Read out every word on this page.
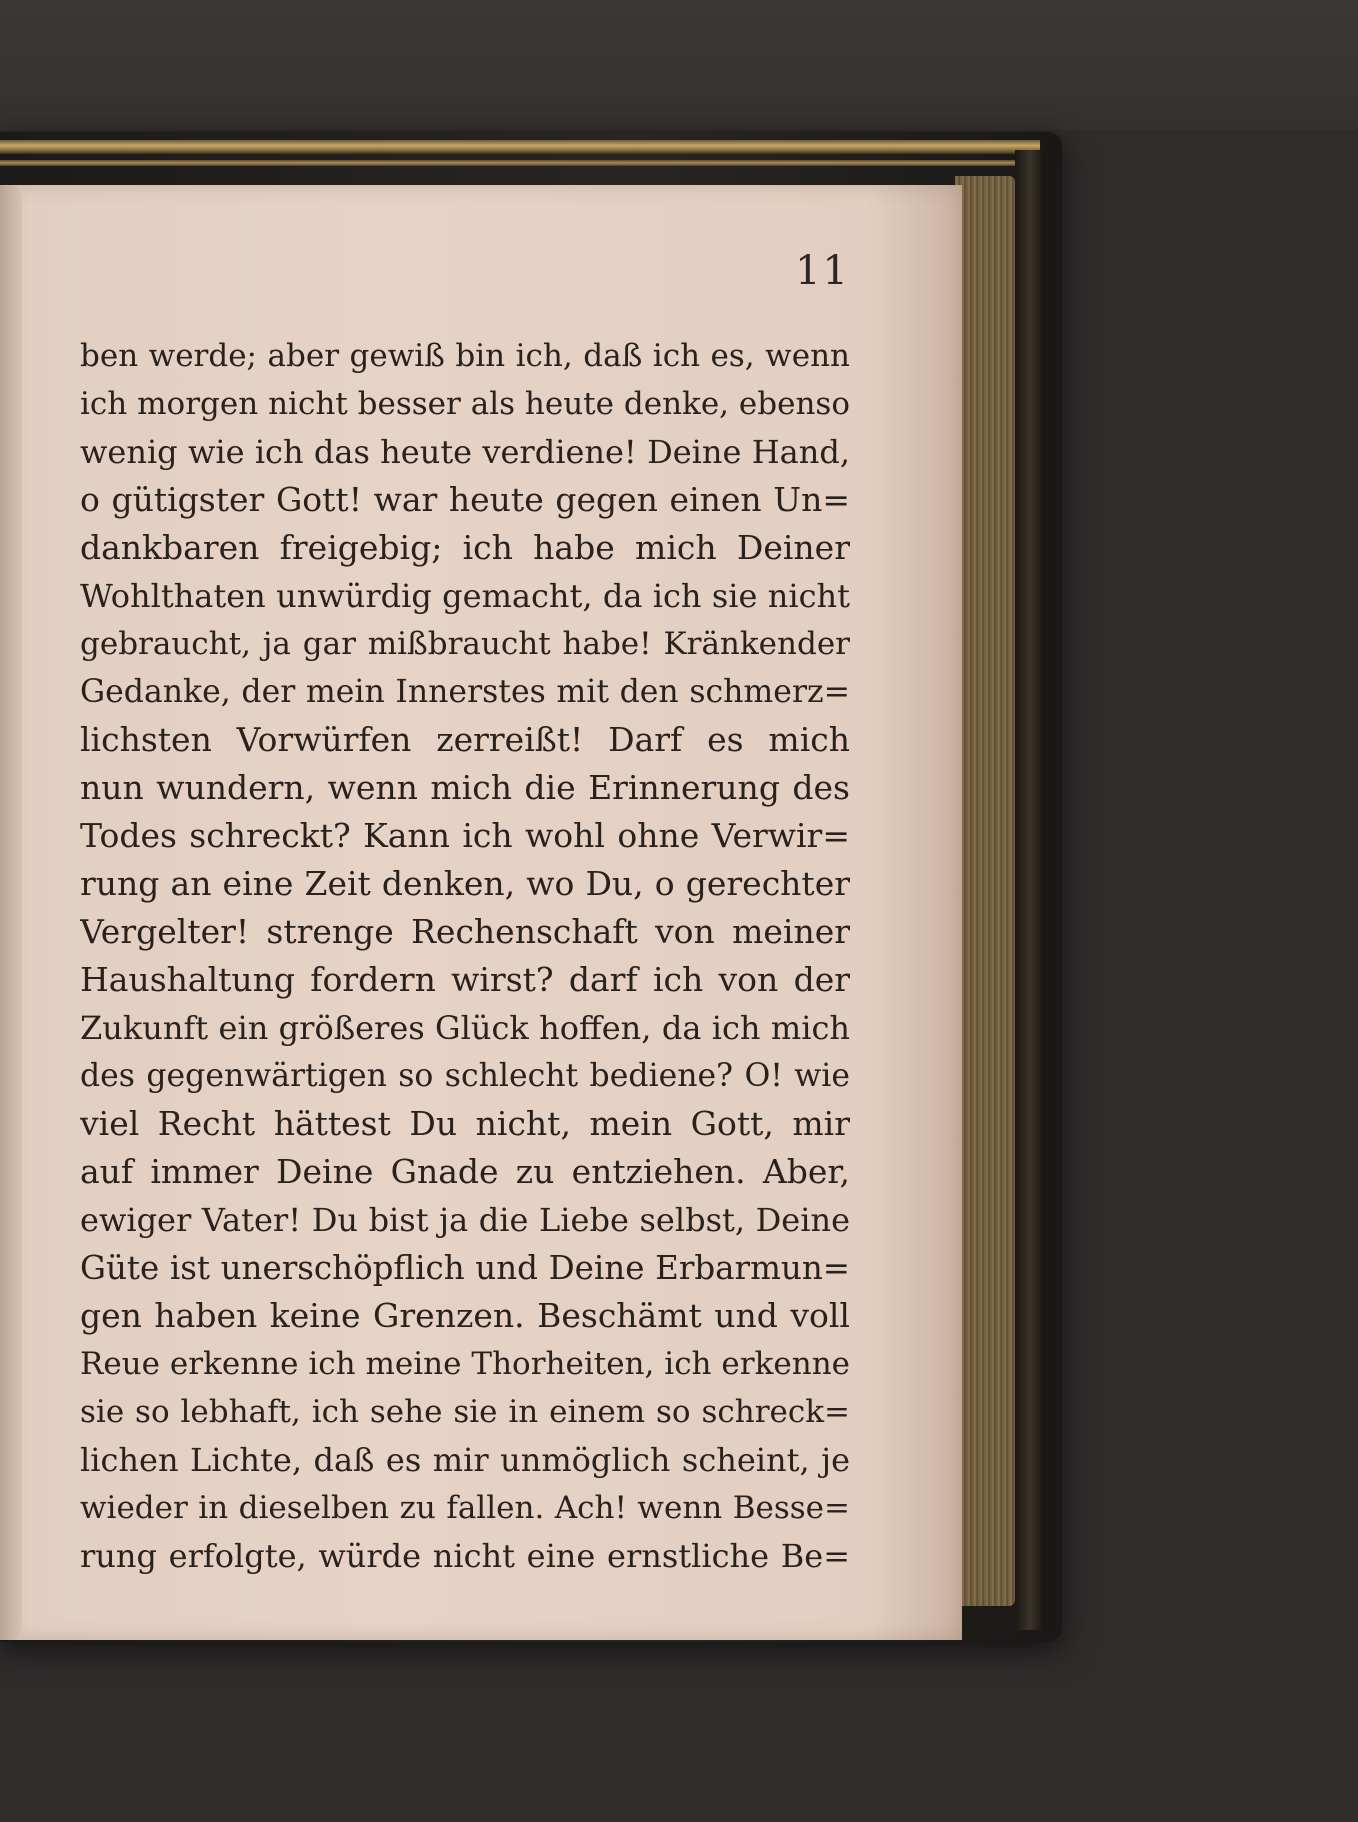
11
ben werde; aber gewiß bin ich, daß ich es, wenn
ich morgen nicht besser als heute denke, ebenso
wenig wie ich das heute verdiene! Deine Hand,
o gütigster Gott! war heute gegen einen Un=
dankbaren freigebig; ich habe mich Deiner
Wohlthaten unwürdig gemacht, da ich sie nicht
gebraucht, ja gar mißbraucht habe! Kränkender
Gedanke, der mein Innerstes mit den schmerz=
lichsten Vorwürfen zerreißt! Darf es mich
nun wundern, wenn mich die Erinnerung des
Todes schreckt? Kann ich wohl ohne Verwir=
rung an eine Zeit denken, wo Du, o gerechter
Vergelter! strenge Rechenschaft von meiner
Haushaltung fordern wirst? darf ich von der
Zukunft ein größeres Glück hoffen, da ich mich
des gegenwärtigen so schlecht bediene? O! wie
viel Recht hättest Du nicht, mein Gott, mir
auf immer Deine Gnade zu entziehen. Aber,
ewiger Vater! Du bist ja die Liebe selbst, Deine
Güte ist unerschöpflich und Deine Erbarmun=
gen haben keine Grenzen. Beschämt und voll
Reue erkenne ich meine Thorheiten, ich erkenne
sie so lebhaft, ich sehe sie in einem so schreck=
lichen Lichte, daß es mir unmöglich scheint, je
wieder in dieselben zu fallen. Ach! wenn Besse=
rung erfolgte, würde nicht eine ernstliche Be=
